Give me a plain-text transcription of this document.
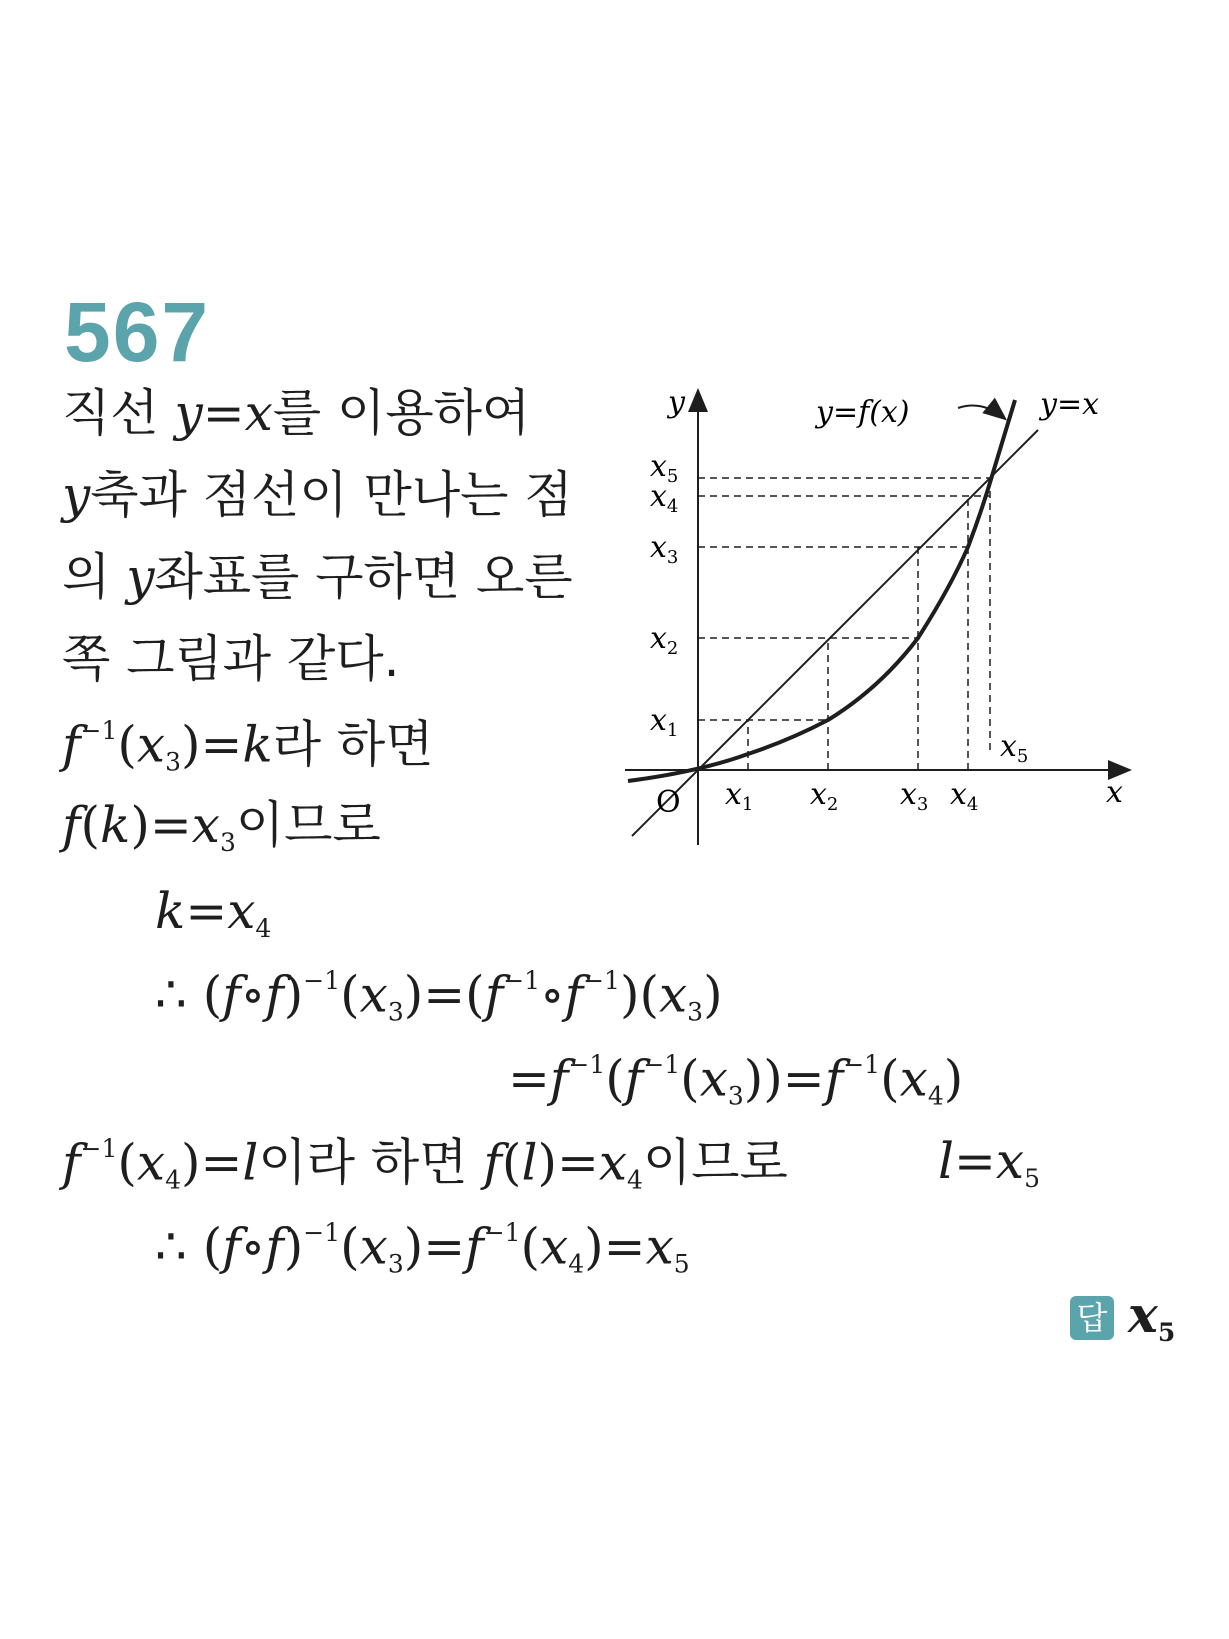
567
직선 y=x를 이용하여
y축과 점선이 만나는 점
의 y좌표를 구하면 오른
쪽 그림과 같다.
$f^{-1}(x_3)=k$라 하면
$f(k)=x_3$이므로
$k=x_4$
∴ $(f\circ f)^{-1}(x_3)=(f^{-1}\circ f^{-1})(x_3)$
$=f^{-1}(f^{-1}(x_3))=f^{-1}(x_4)$
$f^{-1}(x_4)=l$이라 하면 $f(l)=x_4$이므로	$l=x_5$
∴ $(f\circ f)^{-1}(x_3)=f^{-1}(x_4)=x_5$
답 $x_5$
y
x
O
y=f(x)	y=x
$x_1$ $x_2$ $x_3$ $x_4$
$x_5$
$x_1$
$x_2$
$x_3$
$x_4$
$x_5$
